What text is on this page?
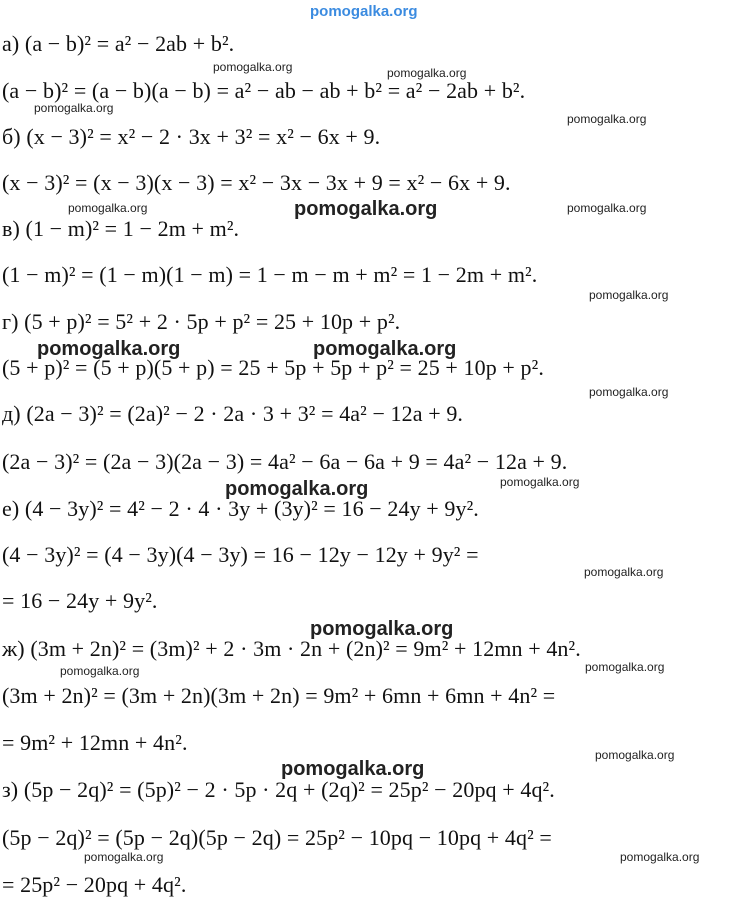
pomogalka.org
а) (a − b)² = a² − 2ab + b².
(a − b)² = (a − b)(a − b) = a² − ab − ab + b² = a² − 2ab + b².
б) (x − 3)² = x² − 2 · 3x + 3² = x² − 6x + 9.
(x − 3)² = (x − 3)(x − 3) = x² − 3x − 3x + 9 = x² − 6x + 9.
в) (1 − m)² = 1 − 2m + m².
(1 − m)² = (1 − m)(1 − m) = 1 − m − m + m² = 1 − 2m + m².
г) (5 + p)² = 5² + 2 · 5p + p² = 25 + 10p + p².
(5 + p)² = (5 + p)(5 + p) = 25 + 5p + 5p + p² = 25 + 10p + p².
д) (2a − 3)² = (2a)² − 2 · 2a · 3 + 3² = 4a² − 12a + 9.
(2a − 3)² = (2a − 3)(2a − 3) = 4a² − 6a − 6a + 9 = 4a² − 12a + 9.
е) (4 − 3y)² = 4² − 2 · 4 · 3y + (3y)² = 16 − 24y + 9y².
(4 − 3y)² = (4 − 3y)(4 − 3y) = 16 − 12y − 12y + 9y² =
= 16 − 24y + 9y².
ж) (3m + 2n)² = (3m)² + 2 · 3m · 2n + (2n)² = 9m² + 12mn + 4n².
(3m + 2n)² = (3m + 2n)(3m + 2n) = 9m² + 6mn + 6mn + 4n² =
= 9m² + 12mn + 4n².
з) (5p − 2q)² = (5p)² − 2 · 5p · 2q + (2q)² = 25p² − 20pq + 4q².
(5p − 2q)² = (5p − 2q)(5p − 2q) = 25p² − 10pq − 10pq + 4q² =
= 25p² − 20pq + 4q².
pomogalka.org	pomogalka.org
pomogalka.org
pomogalka.org
pomogalka.org	pomogalka.org	pomogalka.org
pomogalka.org
pomogalka.org	pomogalka.org
pomogalka.org
pomogalka.org
pomogalka.org
pomogalka.org
pomogalka.org
pomogalka.org	pomogalka.org
pomogalka.org
pomogalka.org
pomogalka.org	pomogalka.org
